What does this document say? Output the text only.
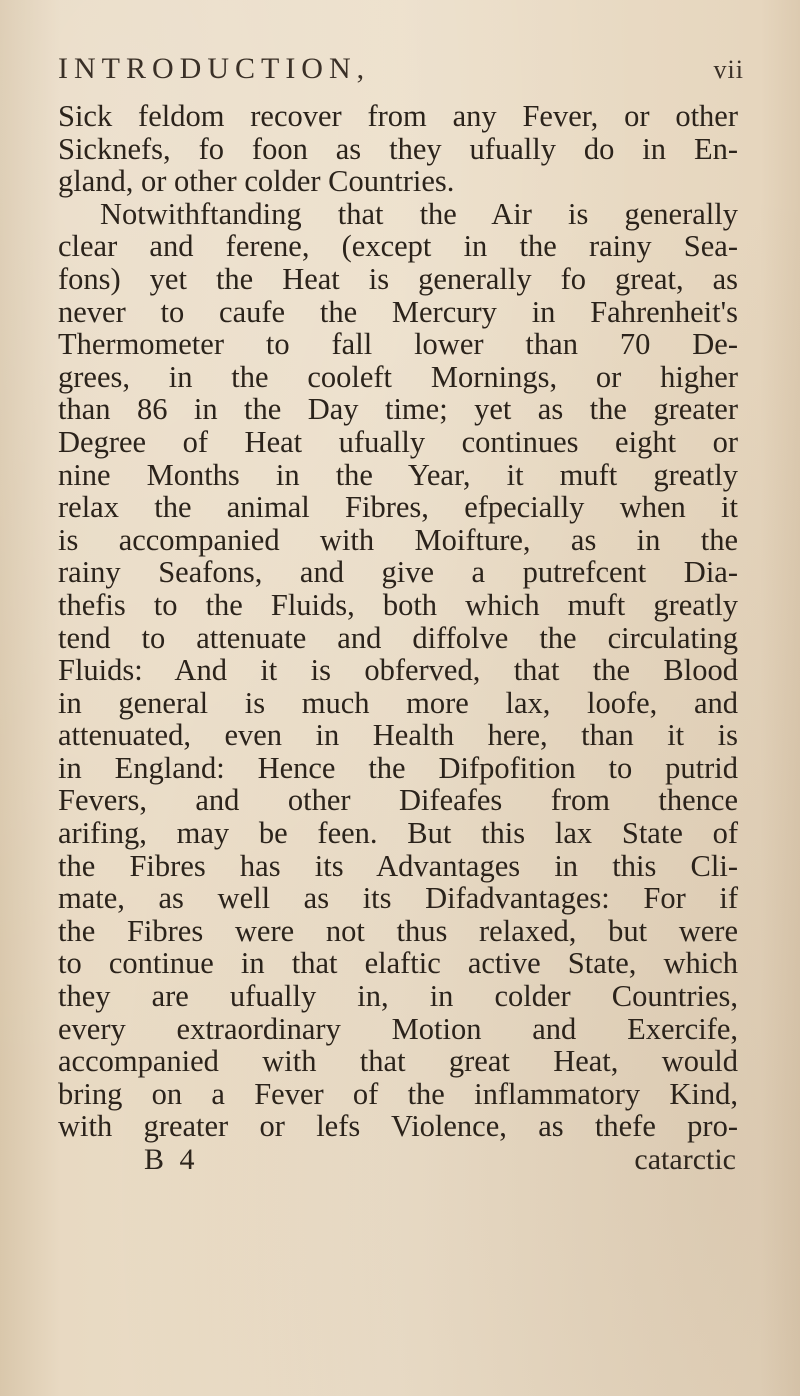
INTRODUCTION,	vii
Sick feldom recover from any Fever, or other
Sicknefs, fo foon as they ufually do in En-
gland, or other colder Countries.
Notwithftanding that the Air is generally
clear and ferene, (except in the rainy Sea-
fons) yet the Heat is generally fo great, as
never to caufe the Mercury in Fahrenheit's
Thermometer to fall lower than 70 De-
grees, in the cooleft Mornings, or higher
than 86 in the Day time; yet as the greater
Degree of Heat ufually continues eight or
nine Months in the Year, it muft greatly
relax the animal Fibres, efpecially when it
is accompanied with Moifture, as in the
rainy Seafons, and give a putrefcent Dia-
thefis to the Fluids, both which muft greatly
tend to attenuate and diffolve the circulating
Fluids: And it is obferved, that the Blood
in general is much more lax, loofe, and
attenuated, even in Health here, than it is
in England: Hence the Difpofition to putrid
Fevers, and other Difeafes from thence
arifing, may be feen. But this lax State of
the Fibres has its Advantages in this Cli-
mate, as well as its Difadvantages: For if
the Fibres were not thus relaxed, but were
to continue in that elaftic active State, which
they are ufually in, in colder Countries,
every extraordinary Motion and Exercife,
accompanied with that great Heat, would
bring on a Fever of the inflammatory Kind,
with greater or lefs Violence, as thefe pro-
B 4	catarctic
